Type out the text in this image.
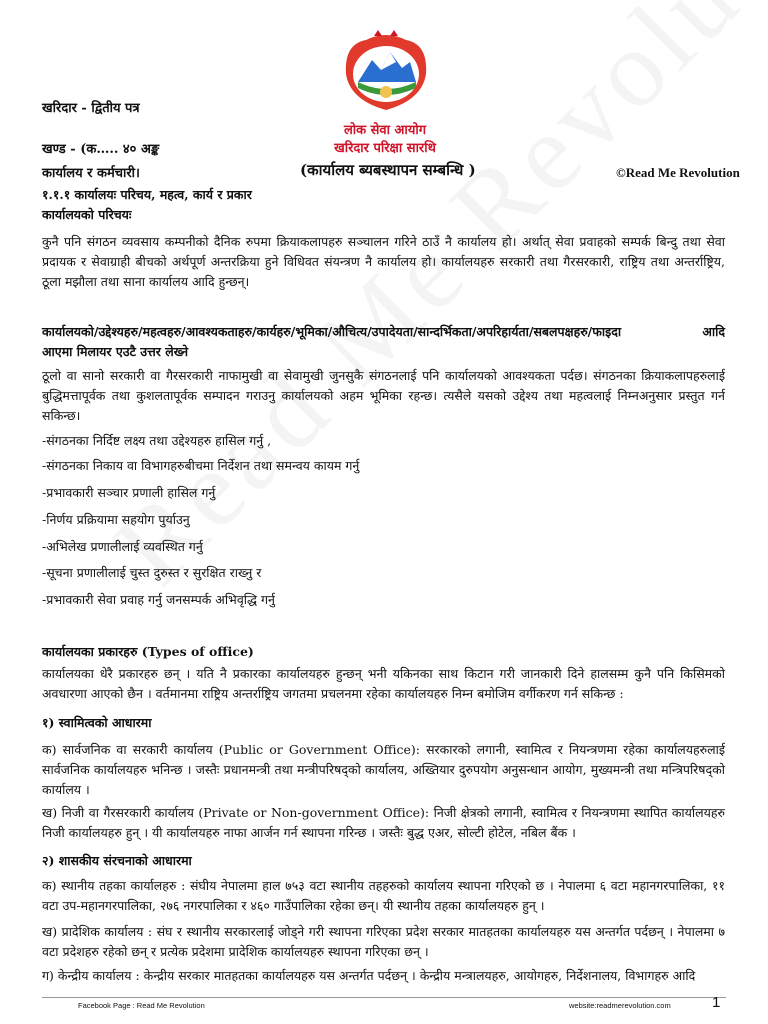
खरिदार - द्वितीय पत्र
लोक सेवा आयोग
खरिदार परिक्षा सारथि
खण्ड - (क….. ४० अङ्क
कार्यालय र कर्मचारी।	(कार्यालय ब्यबस्थापन सम्बन्धि )	©Read Me Revolution
१.१.१ कार्यालयः परिचय, महत्व, कार्य र प्रकार
कार्यालयको परिचयः
कुनै पनि संगठन व्यवसाय कम्पनीको दैनिक रुपमा क्रियाकलापहरु सञ्चालन गरिने ठाउँ नै कार्यालय हो। अर्थात् सेवा प्रवाहको सम्पर्क बिन्दु तथा सेवा प्रदायक र सेवाग्राही बीचको अर्थपूर्ण अन्तरक्रिया हुने विधिवत संयन्त्रण नै कार्यालय हो। कार्यालयहरु सरकारी तथा गैरसरकारी, राष्ट्रिय तथा अन्तर्राष्ट्रिय, ठूला मझौला तथा साना कार्यालय आदि हुन्छन्।
कार्यालयको/उद्देश्यहरु/महत्वहरु/आवश्यकताहरु/कार्यहरु/भूमिका/औचित्य/उपादेयता/सान्दर्भिकता/अपरिहार्यता/सबलपक्षहरु/फाइदा	आदि
आएमा मिलायर एउटै उत्तर लेख्ने
ठूलो वा सानो सरकारी वा गैरसरकारी नाफामुखी वा सेवामुखी जुनसुकै संगठनलाई पनि कार्यालयको आवश्यकता पर्दछ। संगठनका क्रियाकलापहरुलाई बुद्धिमत्तापूर्वक तथा कुशलतापूर्वक सम्पादन गराउनु कार्यालयको अहम भूमिका रहन्छ। त्यसैले यसको उद्देश्य तथा महत्वलाई निम्नअनुसार प्रस्तुत गर्न सकिन्छ।
-संगठनका निर्दिष्ट लक्ष्य तथा उद्देश्यहरु हासिल गर्नु ,
-संगठनका निकाय वा विभागहरुबीचमा निर्देशन तथा समन्वय कायम गर्नु
-प्रभावकारी सञ्चार प्रणाली हासिल गर्नु
-निर्णय प्रक्रियामा सहयोग पुर्याउनु
-अभिलेख प्रणालीलाई व्यवस्थित गर्नु
-सूचना प्रणालीलाई चुस्त दुरुस्त र सुरक्षित राख्नु र
-प्रभावकारी सेवा प्रवाह गर्नु जनसम्पर्क अभिवृद्धि गर्नु
कार्यालयका प्रकारहरु (Types of office)
कार्यालयका धेरै प्रकारहरु छन् । यति नै प्रकारका कार्यालयहरु हुन्छन् भनी यकिनका साथ किटान गरी जानकारी दिने हालसम्म कुनै पनि किसिमको अवधारणा आएको छैन । वर्तमानमा राष्ट्रिय अन्तर्राष्ट्रिय जगतमा प्रचलनमा रहेका कार्यालयहरु निम्न बमोजिम वर्गीकरण गर्न सकिन्छ :
१) स्वामित्वको आधारमा
क) सार्वजनिक वा सरकारी कार्यालय (Public or Government Office): सरकारको लगानी, स्वामित्व र नियन्त्रणमा रहेका कार्यालयहरुलाई सार्वजनिक कार्यालयहरु भनिन्छ । जस्तैः प्रधानमन्त्री तथा मन्त्रीपरिषद्को कार्यालय, अख्तियार दुरुपयोग अनुसन्धान आयोग, मुख्यमन्त्री तथा मन्त्रिपरिषद्को कार्यालय ।
ख) निजी वा गैरसरकारी कार्यालय (Private or Non-government Office): निजी क्षेत्रको लगानी, स्वामित्व र नियन्त्रणमा स्थापित कार्यालयहरु निजी कार्यालयहरु हुन् । यी कार्यालयहरु नाफा आर्जन गर्न स्थापना गरिन्छ । जस्तैः बुद्ध एअर, सोल्टी होटेल, नबिल बैंक ।
२) शासकीय संरचनाको आधारमा
क) स्थानीय तहका कार्यालहरु : संघीय नेपालमा हाल ७५३ वटा स्थानीय तहहरुको कार्यालय स्थापना गरिएको छ । नेपालमा ६ वटा महानगरपालिका, ११ वटा उप-महानगरपालिका, २७६ नगरपालिका र ४६० गाउँपालिका रहेका छन्। यी स्थानीय तहका कार्यालयहरु हुन् ।
ख) प्रादेशिक कार्यालय : संघ र स्थानीय सरकारलाई जोड्ने गरी स्थापना गरिएका प्रदेश सरकार मातहतका कार्यालयहरु यस अन्तर्गत पर्दछन् । नेपालमा ७ वटा प्रदेशहरु रहेको छन् र प्रत्येक प्रदेशमा प्रादेशिक कार्यालयहरु स्थापना गरिएका छन् ।
ग) केन्द्रीय कार्यालय : केन्द्रीय सरकार मातहतका कार्यालयहरु यस अन्तर्गत पर्दछन् । केन्द्रीय मन्त्रालयहरु, आयोगहरु, निर्देशनालय, विभागहरु आदि
Facebook Page : Read Me Revolution	website:readmerevolution.com	1
